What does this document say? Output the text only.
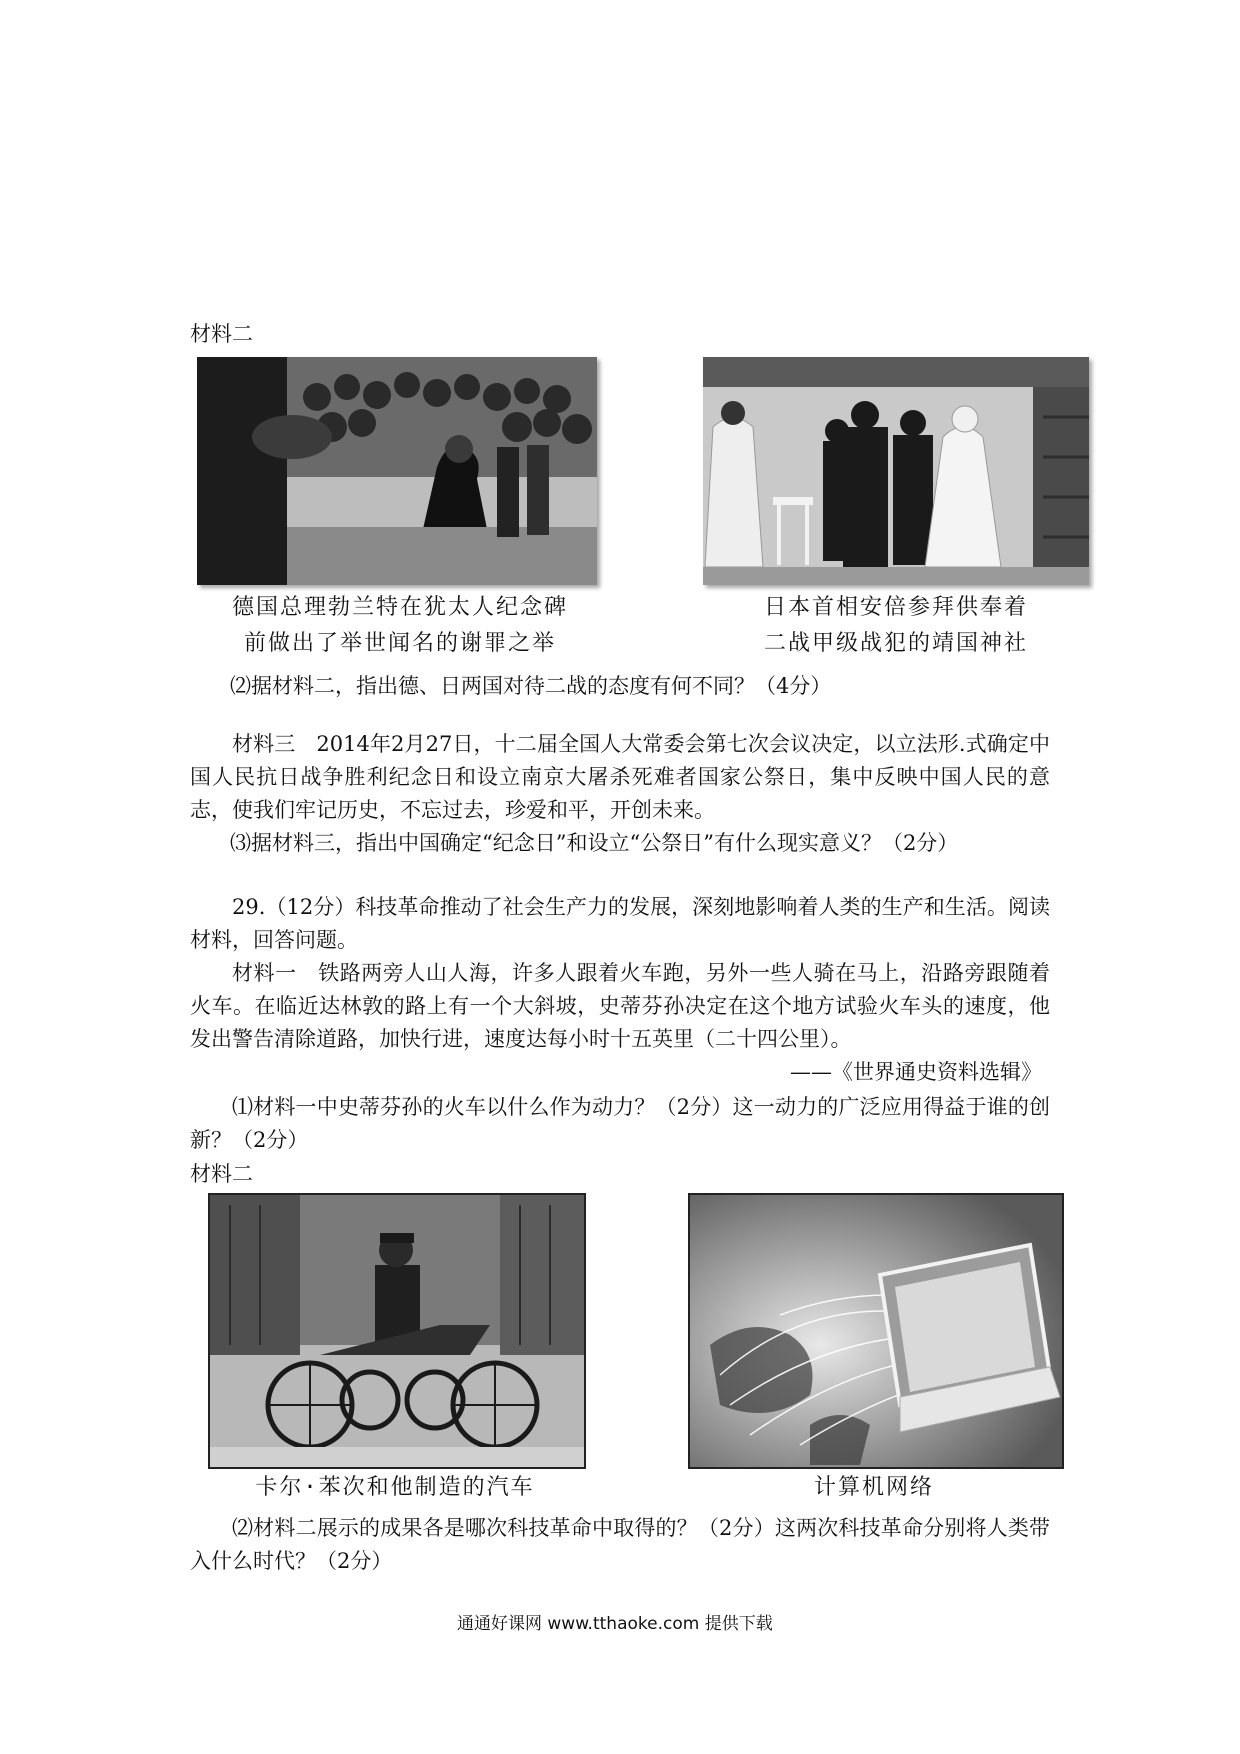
材料二
德国总理勃兰特在犹太人纪念碑
前做出了举世闻名的谢罪之举
日本首相安倍参拜供奉着
二战甲级战犯的靖国神社
⑵据材料二，指出德、日两国对待二战的态度有何不同？（4分）
材料三　2014年2月27日，十二届全国人大常委会第七次会议决定，以立法形.式确定中国人民抗日战争胜利纪念日和设立南京大屠杀死难者国家公祭日，集中反映中国人民的意志，使我们牢记历史，不忘过去，珍爱和平，开创未来。
⑶据材料三，指出中国确定“纪念日”和设立“公祭日”有什么现实意义？（2分）
29.（12分）科技革命推动了社会生产力的发展，深刻地影响着人类的生产和生活。阅读材料，回答问题。
材料一　铁路两旁人山人海，许多人跟着火车跑，另外一些人骑在马上，沿路旁跟随着火车。在临近达林敦的路上有一个大斜坡，史蒂芬孙决定在这个地方试验火车头的速度，他发出警告清除道路，加快行进，速度达每小时十五英里（二十四公里）。
——《世界通史资料选辑》
⑴材料一中史蒂芬孙的火车以什么作为动力？（2分）这一动力的广泛应用得益于谁的创新？（2分）
材料二
卡尔·苯次和他制造的汽车	计算机网络
⑵材料二展示的成果各是哪次科技革命中取得的？（2分）这两次科技革命分别将人类带入什么时代？（2分）
通通好课网 www.tthaoke.com 提供下载
